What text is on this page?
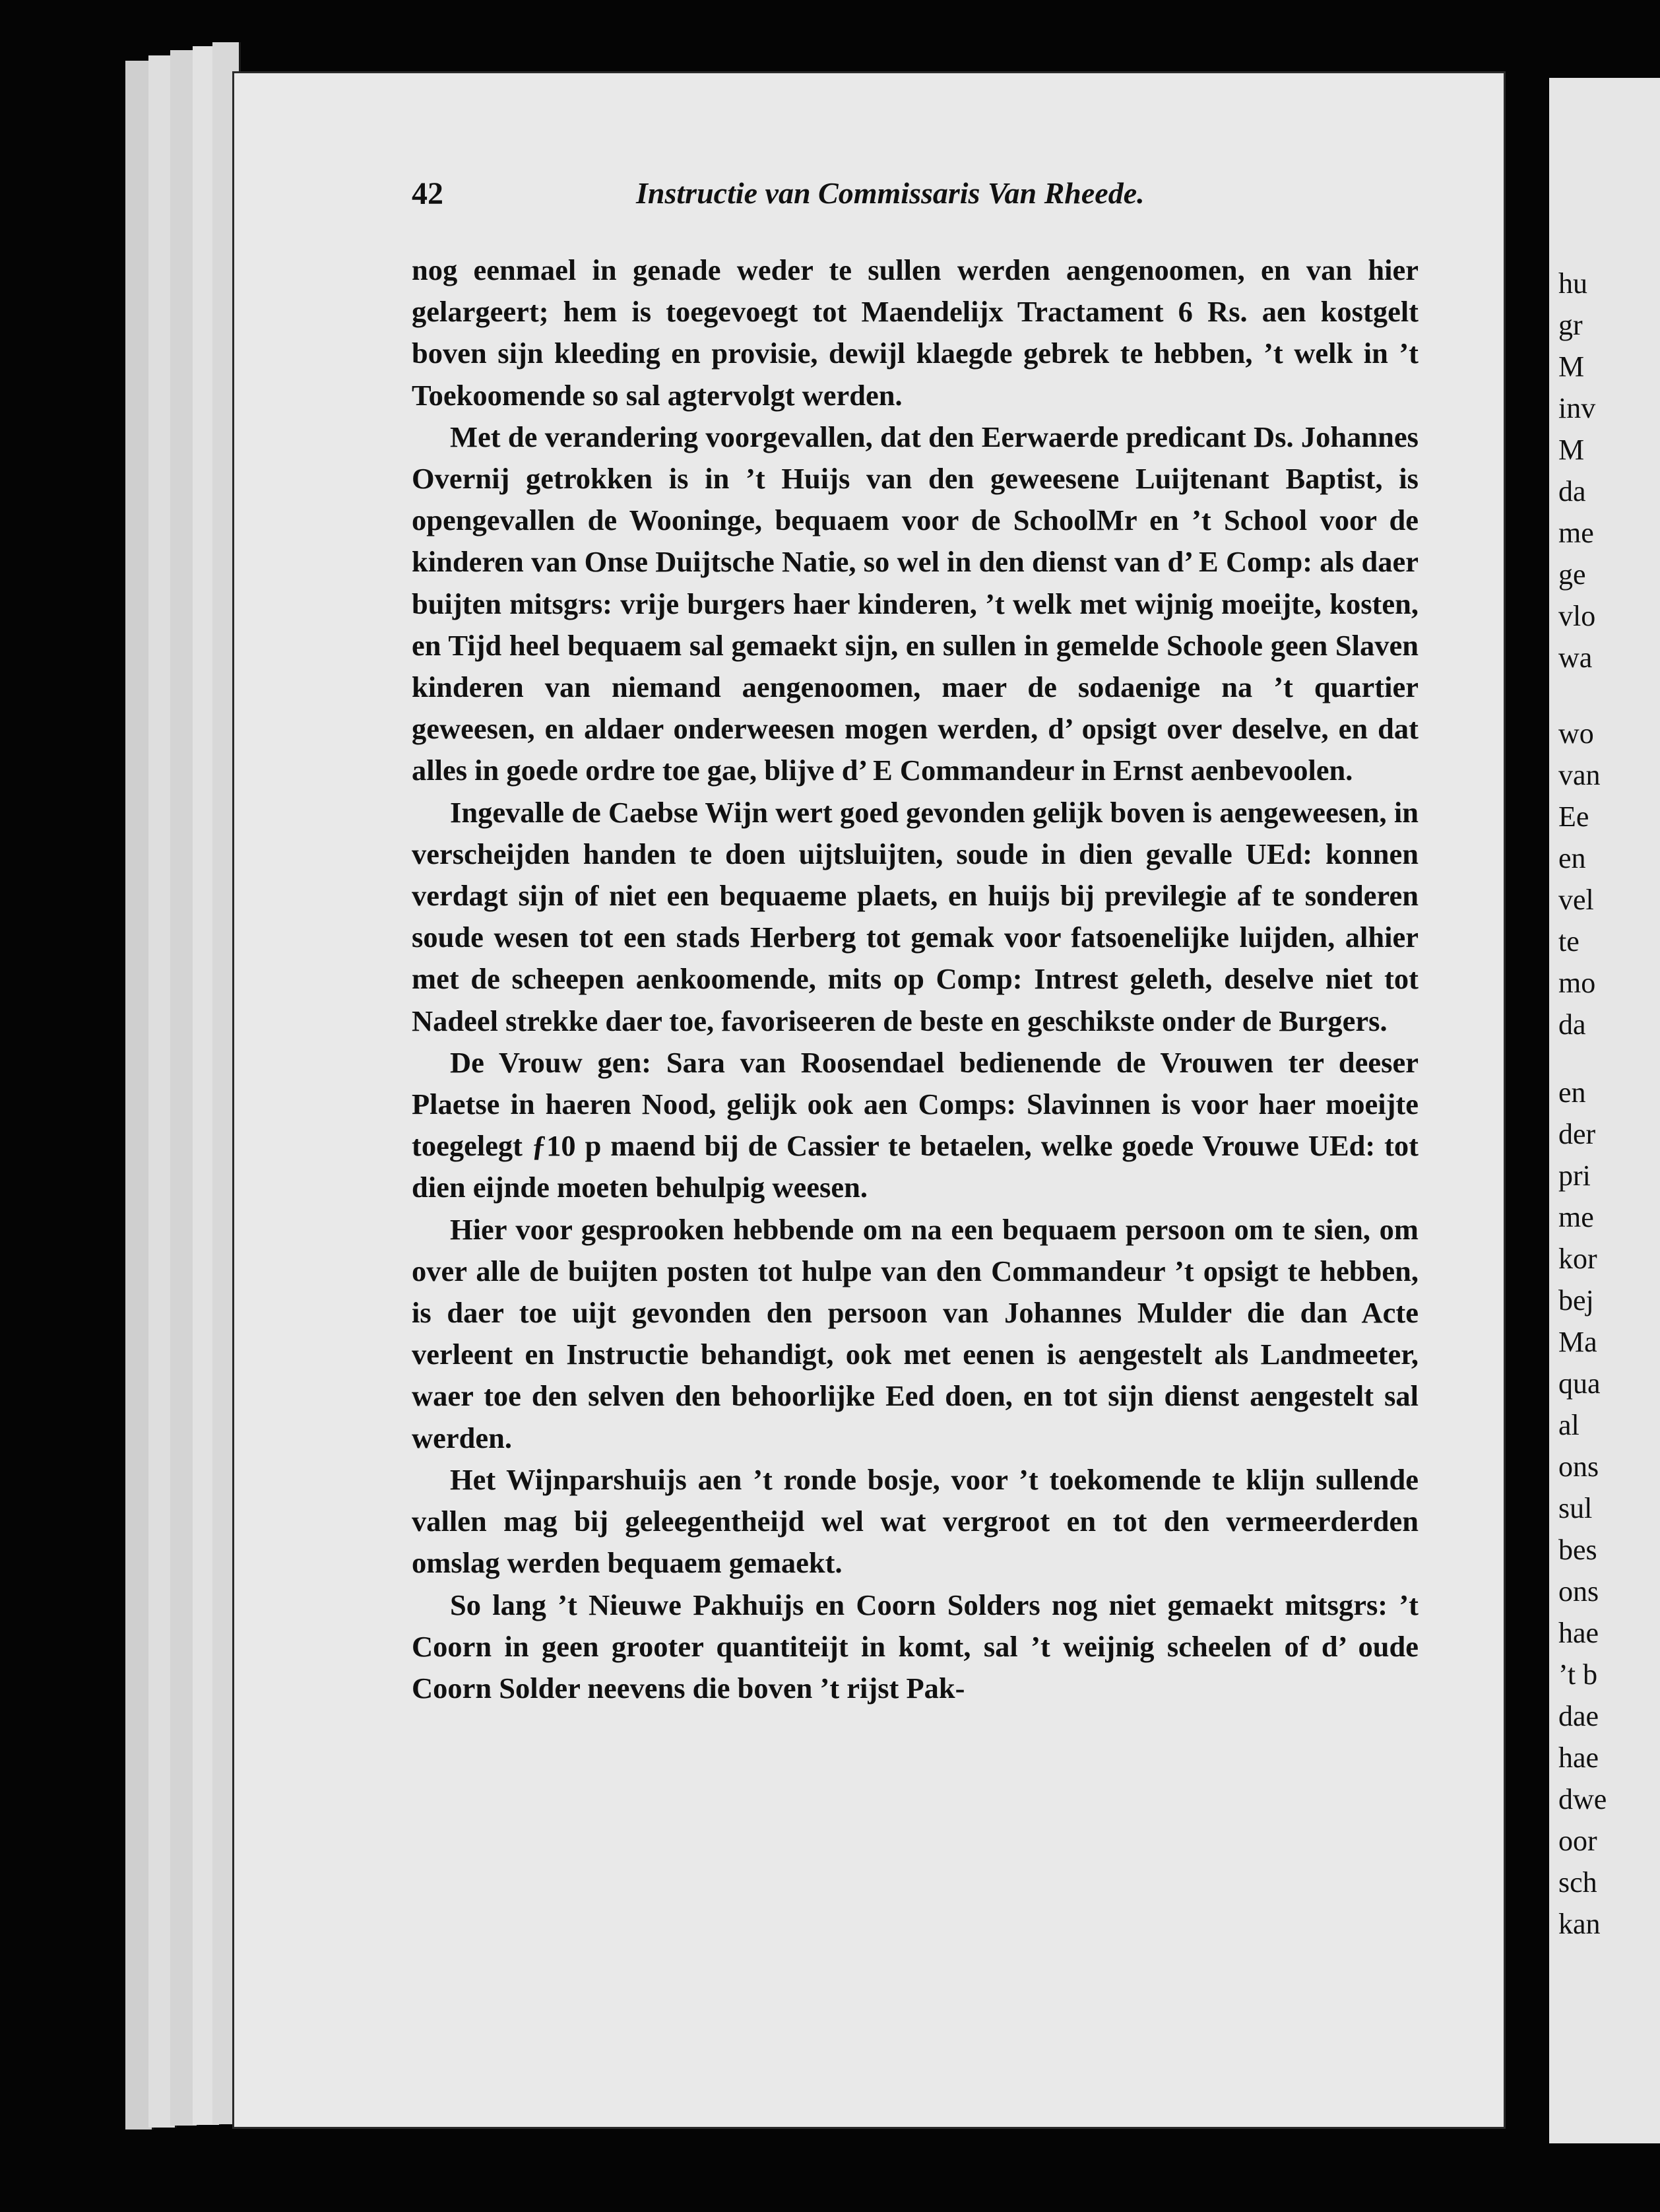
42	Instructie van Commissaris Van Rheede.

nog eenmael in genade weder te sullen werden aengenoomen, en van hier gelargeert; hem is toegevoegt tot Maendelijx Tractament 6 Rs. aen kostgelt boven sijn kleeding en provisie, dewijl klaegde gebrek te hebben, ’t welk in ’t Toekoomende so sal agtervolgt werden.

Met de verandering voorgevallen, dat den Eerwaerde predicant Ds. Johannes Overnij getrokken is in ’t Huijs van den geweesene Luijtenant Baptist, is opengevallen de Wooninge, bequaem voor de SchoolMr en ’t School voor de kinderen van Onse Duijtsche Natie, so wel in den dienst van d’ E Comp: als daer buijten mitsgrs: vrije burgers haer kinderen, ’t welk met wijnig moeijte, kosten, en Tijd heel bequaem sal gemaekt sijn, en sullen in gemelde Schoole geen Slaven kinderen van niemand aengenoomen, maer de sodaenige na ’t quartier geweesen, en aldaer onderweesen mogen werden, d’ opsigt over deselve, en dat alles in goede ordre toe gae, blijve d’ E Commandeur in Ernst aenbevoolen.

Ingevalle de Caebse Wijn wert goed gevonden gelijk boven is aengeweesen, in verscheijden handen te doen uijtsluijten, soude in dien gevalle UEd: konnen verdagt sijn of niet een bequaeme plaets, en huijs bij previlegie af te sonderen soude wesen tot een stads Herberg tot gemak voor fatsoenelijke luijden, alhier met de scheepen aenkoomende, mits op Comp: Intrest geleth, deselve niet tot Nadeel strekke daer toe, favoriseeren de beste en geschikste onder de Burgers.

De Vrouw gen: Sara van Roosendael bedienende de Vrouwen ter deeser Plaetse in haeren Nood, gelijk ook aen Comps: Slavinnen is voor haer moeijte toegelegt ƒ10 p maend bij de Cassier te betaelen, welke goede Vrouwe UEd: tot dien eijnde moeten behulpig weesen.

Hier voor gesprooken hebbende om na een bequaem persoon om te sien, om over alle de buijten posten tot hulpe van den Commandeur ’t opsigt te hebben, is daer toe uijt gevonden den persoon van Johannes Mulder die dan Acte verleent en Instructie behandigt, ook met eenen is aengestelt als Landmeeter, waer toe den selven den behoorlijke Eed doen, en tot sijn dienst aengestelt sal werden.

Het Wijnparshuijs aen ’t ronde bosje, voor ’t toekomende te klijn sullende vallen mag bij geleegentheijd wel wat vergroot en tot den vermeerderden omslag werden bequaem gemaekt.

So lang ’t Nieuwe Pakhuijs en Coorn Solders nog niet gemaekt mitsgrs: ’t Coorn in geen grooter quantiteijt in komt, sal ’t weijnig scheelen of d’ oude Coorn Solder neevens die boven ’t rijst Pak-

hu
gr
M
inv
M
da
me
ge
vlo
wa
wo
van
Ee
en
vel
te
mo
da
en
der
pri
me
kor
bej
Ma
qua
al
ons
sul
bes
ons
hae
’t b
dae
hae
dwe
oor
sch
kan
